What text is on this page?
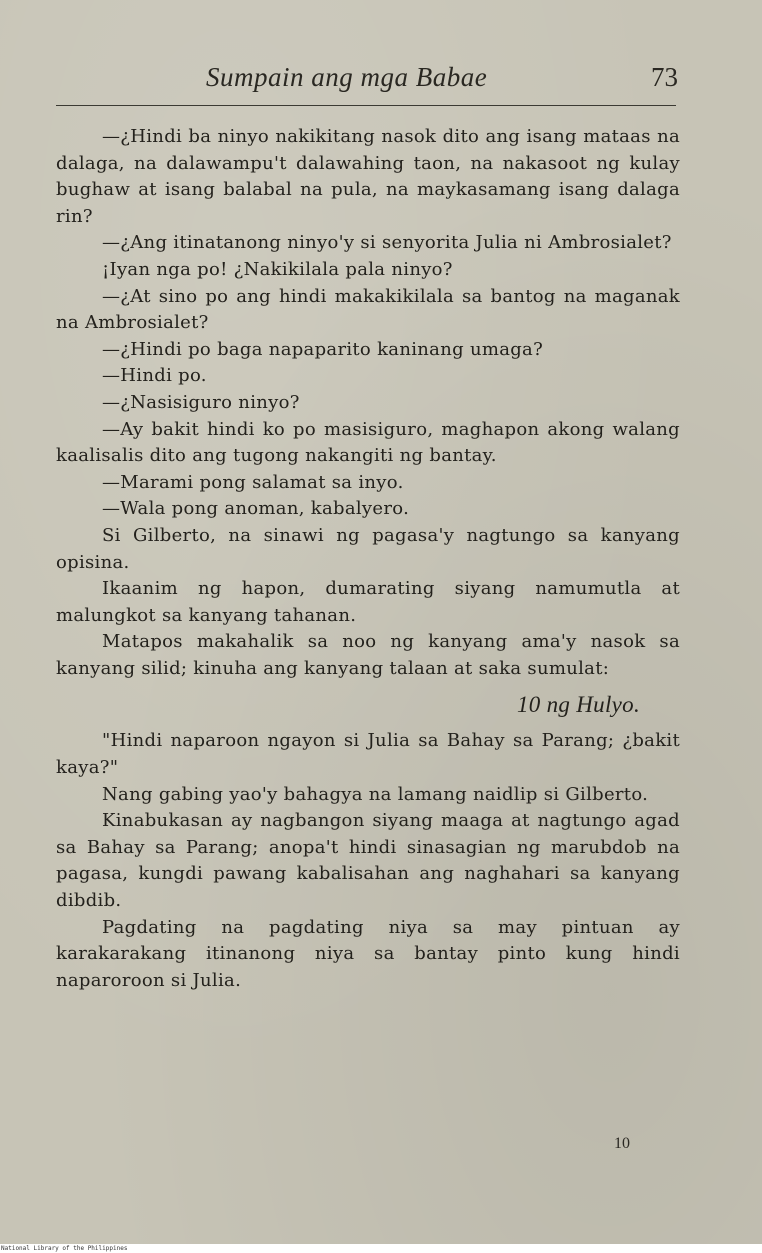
Sumpain ang mga Babae	73

—¿Hindi ba ninyo nakikitang nasok dito ang isang mataas na dalaga, na dalawampu't dalawahing taon, na nakasoot ng kulay bughaw at isang balabal na pula, na maykasamang isang dalaga rin?

—¿Ang itinatanong ninyo'y si senyorita Julia ni Ambrosialet?

¡Iyan nga po! ¿Nakikilala pala ninyo?

—¿At sino po ang hindi makakikilala sa bantog na maganak na Ambrosialet?

—¿Hindi po baga napaparito kaninang umaga?

—Hindi po.

—¿Nasisiguro ninyo?

—Ay bakit hindi ko po masisiguro, maghapon akong walang kaalisalis dito ang tugong nakangiti ng bantay.

—Marami pong salamat sa inyo.

—Wala pong anoman, kabalyero.

Si Gilberto, na sinawi ng pagasa'y nagtungo sa kanyang opisina.

Ikaanim ng hapon, dumarating siyang namumutla at malungkot sa kanyang tahanan.

Matapos makahalik sa noo ng kanyang ama'y nasok sa kanyang silid; kinuha ang kanyang talaan at saka sumulat:

10 ng Hulyo.

"Hindi naparoon ngayon si Julia sa Bahay sa Parang; ¿bakit kaya?"

Nang gabing yao'y bahagya na lamang naidlip si Gilberto.

Kinabukasan ay nagbangon siyang maaga at nagtungo agad sa Bahay sa Parang; anopa't hindi sinasagian ng marubdob na pagasa, kungdi pawang kabalisahan ang naghahari sa kanyang dibdib.

Pagdating na pagdating niya sa may pintuan ay karakarakang itinanong niya sa bantay pinto kung hindi naparoroon si Julia.

10
National Library of the Philippines
